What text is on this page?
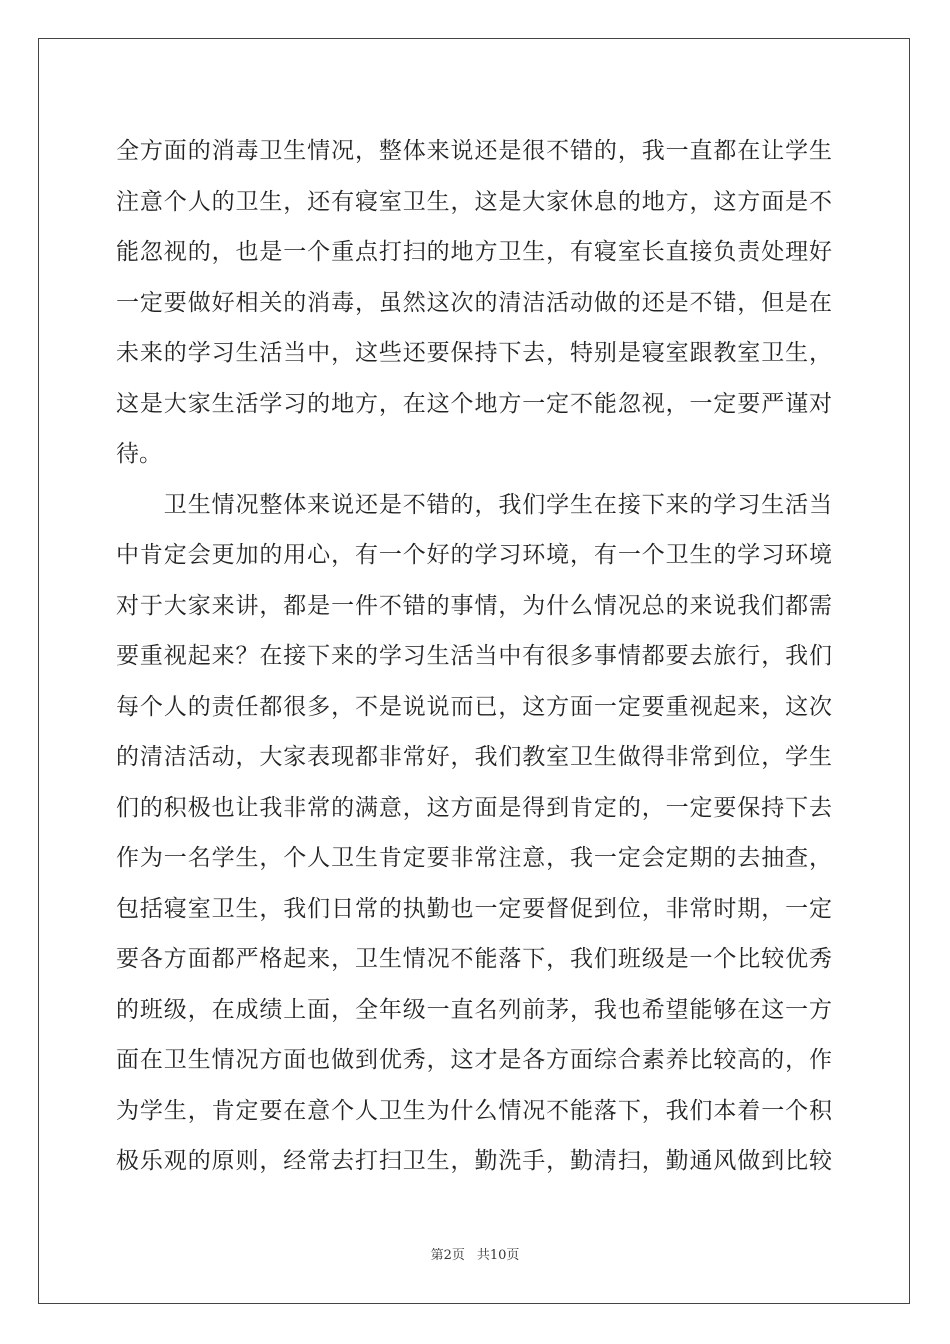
全方面的消毒卫生情况，整体来说还是很不错的，我一直都在让学生
注意个人的卫生，还有寝室卫生，这是大家休息的地方，这方面是不
能忽视的，也是一个重点打扫的地方卫生，有寝室长直接负责处理好
一定要做好相关的消毒，虽然这次的清洁活动做的还是不错，但是在
未来的学习生活当中，这些还要保持下去，特别是寝室跟教室卫生，
这是大家生活学习的地方，在这个地方一定不能忽视，一定要严谨对
待。
　　卫生情况整体来说还是不错的，我们学生在接下来的学习生活当
中肯定会更加的用心，有一个好的学习环境，有一个卫生的学习环境
对于大家来讲，都是一件不错的事情，为什么情况总的来说我们都需
要重视起来？在接下来的学习生活当中有很多事情都要去旅行，我们
每个人的责任都很多，不是说说而已，这方面一定要重视起来，这次
的清洁活动，大家表现都非常好，我们教室卫生做得非常到位，学生
们的积极也让我非常的满意，这方面是得到肯定的，一定要保持下去
作为一名学生，个人卫生肯定要非常注意，我一定会定期的去抽查，
包括寝室卫生，我们日常的执勤也一定要督促到位，非常时期，一定
要各方面都严格起来，卫生情况不能落下，我们班级是一个比较优秀
的班级，在成绩上面，全年级一直名列前茅，我也希望能够在这一方
面在卫生情况方面也做到优秀，这才是各方面综合素养比较高的，作
为学生，肯定要在意个人卫生为什么情况不能落下，我们本着一个积
极乐观的原则，经常去打扫卫生，勤洗手，勤清扫，勤通风做到比较
第2页 共10页
